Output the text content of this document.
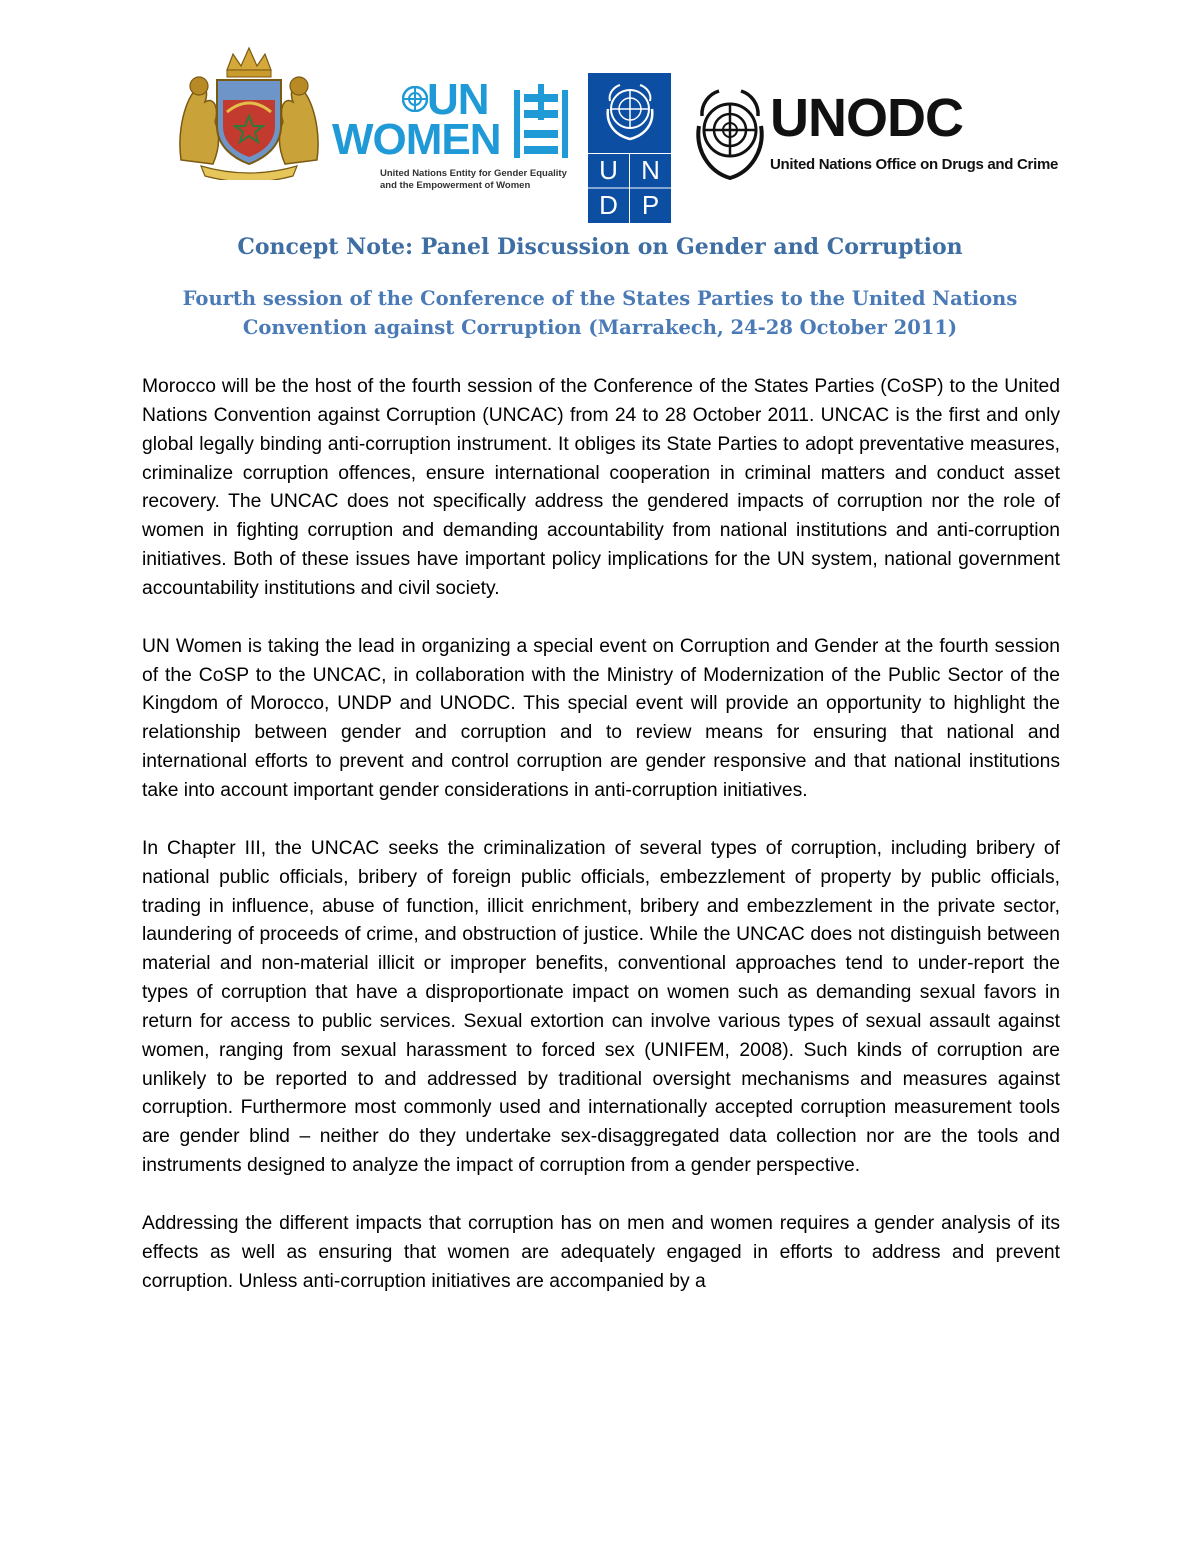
UN
WOMEN
United Nations Entity for Gender Equality and the Empowerment of Women
U N
D P
UNODC
United Nations Office on Drugs and Crime
Concept Note: Panel Discussion on Gender and Corruption
Fourth session of the Conference of the States Parties to the United Nations Convention against Corruption (Marrakech, 24-28 October 2011)

Morocco will be the host of the fourth session of the Conference of the States Parties (CoSP) to the United Nations Convention against Corruption (UNCAC) from 24 to 28 October 2011. UNCAC is the first and only global legally binding anti-corruption instrument. It obliges its State Parties to adopt preventative measures, criminalize corruption offences, ensure international cooperation in criminal matters and conduct asset recovery. The UNCAC does not specifically address the gendered impacts of corruption nor the role of women in fighting corruption and demanding accountability from national institutions and anti-corruption initiatives. Both of these issues have important policy implications for the UN system, national government accountability institutions and civil society.

UN Women is taking the lead in organizing a special event on Corruption and Gender at the fourth session of the CoSP to the UNCAC, in collaboration with the Ministry of Modernization of the Public Sector of the Kingdom of Morocco, UNDP and UNODC. This special event will provide an opportunity to highlight the relationship between gender and corruption and to review means for ensuring that national and international efforts to prevent and control corruption are gender responsive and that national institutions take into account important gender considerations in anti-corruption initiatives.

In Chapter III, the UNCAC seeks the criminalization of several types of corruption, including bribery of national public officials, bribery of foreign public officials, embezzlement of property by public officials, trading in influence, abuse of function, illicit enrichment, bribery and embezzlement in the private sector, laundering of proceeds of crime, and obstruction of justice. While the UNCAC does not distinguish between material and non-material illicit or improper benefits, conventional approaches tend to under-report the types of corruption that have a disproportionate impact on women such as demanding sexual favors in return for access to public services. Sexual extortion can involve various types of sexual assault against women, ranging from sexual harassment to forced sex (UNIFEM, 2008). Such kinds of corruption are unlikely to be reported to and addressed by traditional oversight mechanisms and measures against corruption. Furthermore most commonly used and internationally accepted corruption measurement tools are gender blind – neither do they undertake sex-disaggregated data collection nor are the tools and instruments designed to analyze the impact of corruption from a gender perspective.

Addressing the different impacts that corruption has on men and women requires a gender analysis of its effects as well as ensuring that women are adequately engaged in efforts to address and prevent corruption. Unless anti-corruption initiatives are accompanied by a
